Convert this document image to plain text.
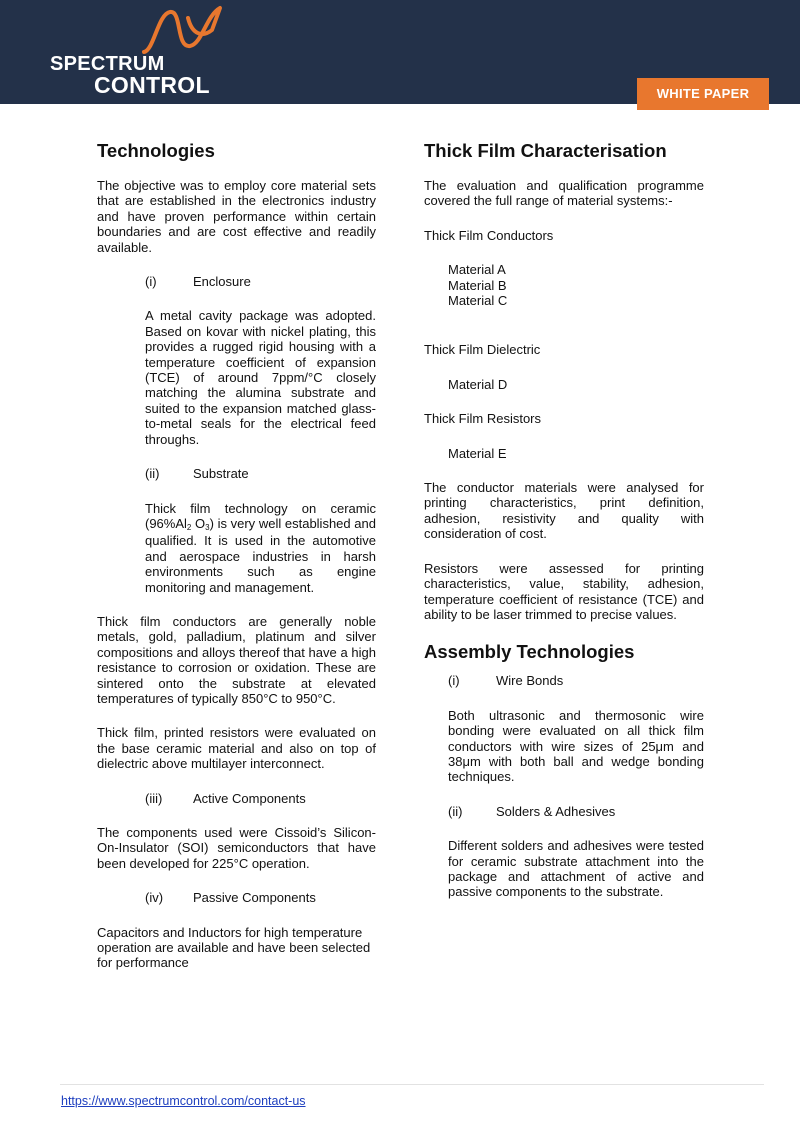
SPECTRUM
CONTROL	WHITE PAPER
Technologies

The objective was to employ core material sets that are established in the electronics industry and have proven performance within certain boundaries and are cost effective and readily available.

(i)	Enclosure

A metal cavity package was adopted. Based on kovar with nickel plating, this provides a rugged rigid housing with a temperature coefficient of expansion (TCE) of around 7ppm/°C closely matching the alumina substrate and suited to the expansion matched glass-to-metal seals for the electrical feed throughs.

(ii)	Substrate

Thick film technology on ceramic ($96\%Al_2$ $O_3$) is very well established and qualified. It is used in the automotive and aerospace industries in harsh environments such as engine monitoring and management.

Thick film conductors are generally noble metals, gold, palladium, platinum and silver compositions and alloys thereof that have a high resistance to corrosion or oxidation. These are sintered onto the substrate at elevated temperatures of typically 850°C to 950°C.

Thick film, printed resistors were evaluated on the base ceramic material and also on top of dielectric above multilayer interconnect.

(iii)	Active Components

The components used were Cissoid’s Silicon-On-Insulator (SOI) semiconductors that have been developed for 225°C operation.

(iv)	Passive Components

Capacitors and Inductors for high temperature operation are available and have been selected for performance

Thick Film Characterisation

The evaluation and qualification programme covered the full range of material systems:-

Thick Film Conductors

Material A
Material B
Material C

Thick Film Dielectric

Material D

Thick Film Resistors

Material E

The conductor materials were analysed for printing characteristics, print definition, adhesion, resistivity and quality with consideration of cost.

Resistors were assessed for printing characteristics, value, stability, adhesion, temperature coefficient of resistance (TCE) and ability to be laser trimmed to precise values.

Assembly Technologies
(i)	Wire Bonds

Both ultrasonic and thermosonic wire bonding were evaluated on all thick film conductors with wire sizes of 25μm and 38μm with both ball and wedge bonding techniques.

(ii)	Solders & Adhesives

Different solders and adhesives were tested for ceramic substrate attachment into the package and attachment of active and passive components to the substrate.

https://www.spectrumcontrol.com/contact-us
